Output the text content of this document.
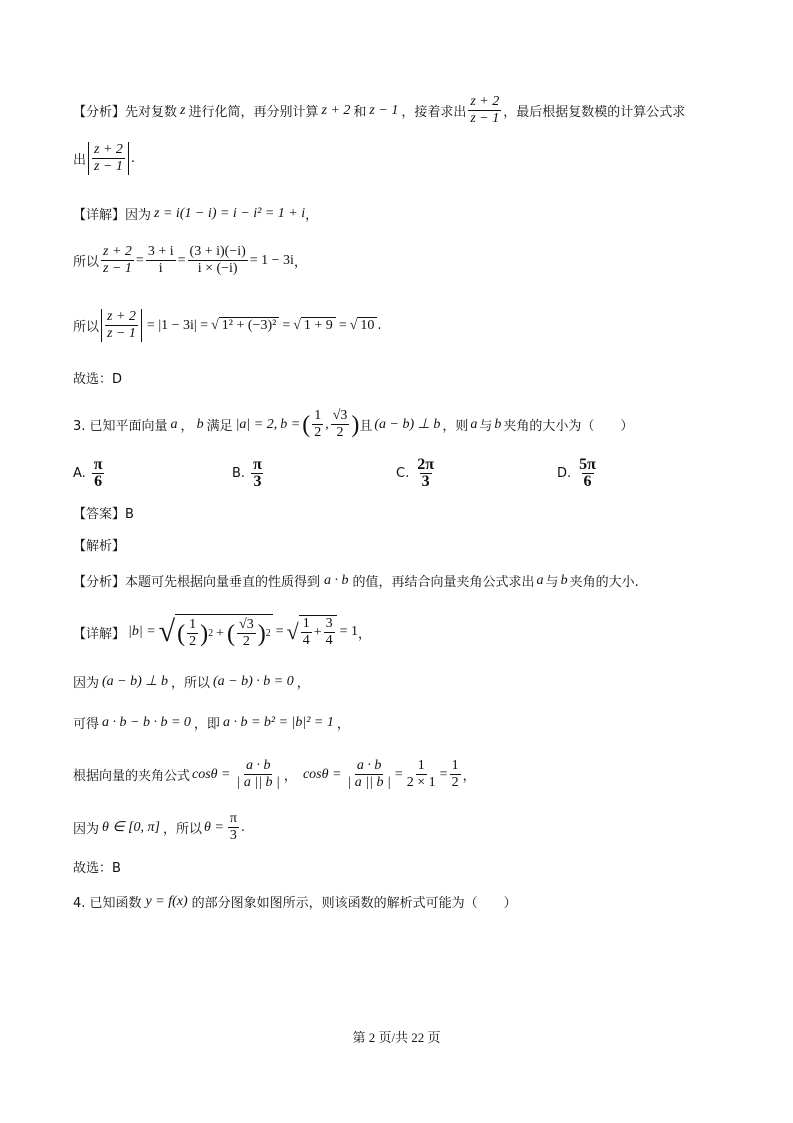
【分析】 先对复数 z 进行化简，再分别计算 z + 2 和 z − 1 ，接着求出 $\frac{z + 2}{z - 1}$ ，最后根据复数模的计算公式求
出 $\frac{z + 2}{z - 1}$ .
【详解】 因为 z = i(1 − i) = i − i² = 1 + i ，
所以 $\frac{z + 2}{z - 1} = \frac{3 + i}{i} = \frac{(3 + i)(-i)}{i \times (-i)} = 1 - 3i$ ，
所以 $\frac{z + 2}{z - 1} = |1 - 3i|$ = √ 1² + (−3)² = √ 1 + 9 = √ 10 .
故选：D
3. 已知平面向量 a ， b 满足 |a| = 2, b = ( $\frac{1}{2}$ , $\frac{√3}{2}$ ) 且 (a − b) ⊥ b ，则 a 与 b 夹角的大小为（　　）
A. $\frac{\pi}{6}$	B. $\frac{\pi}{3}$	C. $\frac{2\pi}{3}$	D. $\frac{5\pi}{6}$
【答案】B
【解析】
【分析】 本题可先根据向量垂直的性质得到 a · b 的值，再结合向量夹角公式求出 a 与 b 夹角的大小.
【详解】 |b| = √ ( $\frac{1}{2}$ ) 2 + ( $\frac{√3}{2}$ ) 2 = √ $\frac{1}{4} + \frac{3}{4} = 1$ ，
因为 (a − b) ⊥ b ，所以 (a − b) · b = 0 ，
可得 a · b − b · b = 0 ，即 a · b = b² = |b|² = 1 ，
根据向量的夹角公式 $\cos\theta = \frac{a \cdot b}{| a || b |}$ ， $\cos\theta = \frac{a \cdot b}{| a || b |} = \frac{1}{2 \times 1} = \frac{1}{2}$ ，
因为 θ ∈ [0, π] ，所以 $\theta = \frac{\pi}{3}$ .
故选：B
4. 已知函数 y = f(x) 的部分图象如图所示，则该函数的解析式可能为（　　）
第 2 页/共 22 页
